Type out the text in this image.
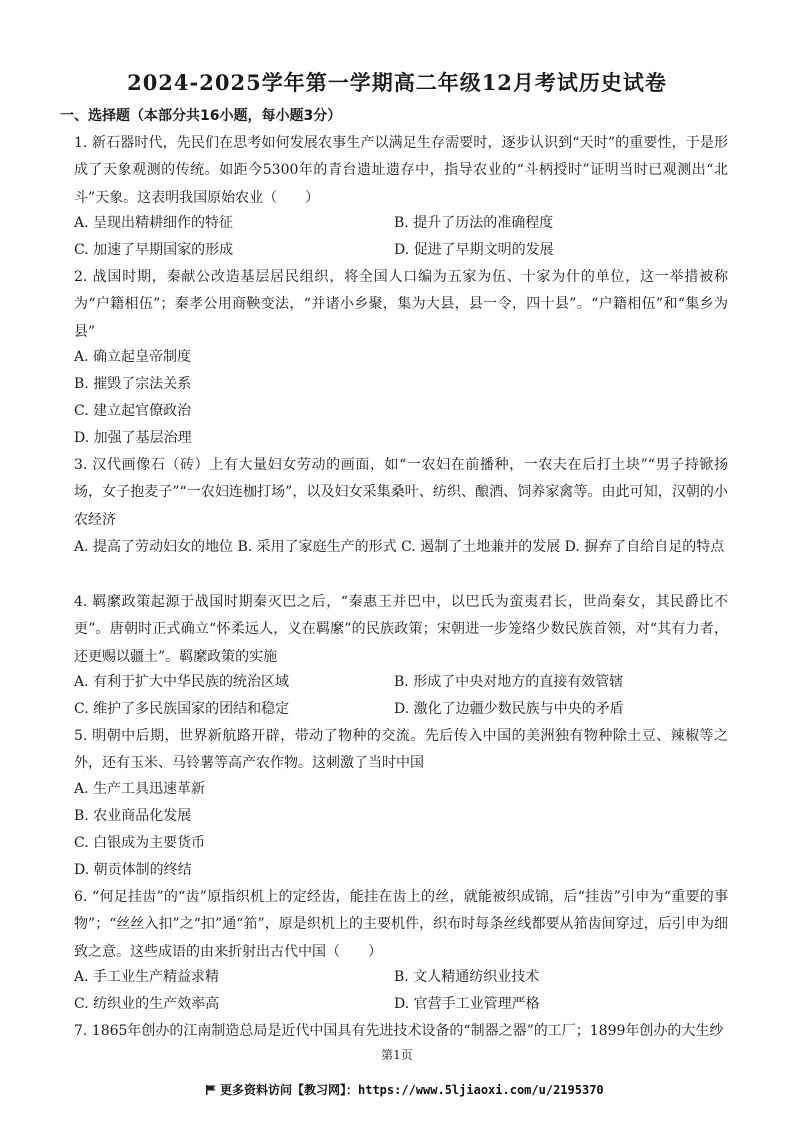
2024-2025学年第一学期高二年级12月考试历史试卷
一、选择题（本部分共16小题，每小题3分）
1. 新石器时代，先民们在思考如何发展农事生产以满足生存需要时，逐步认识到“天时”的重要性，于是形成了天象观测的传统。如距今5300年的青台遗址遗存中，指导农业的“斗柄授时”证明当时已观测出“北斗”天象。这表明我国原始农业（　　）
A. 呈现出精耕细作的特征	B. 提升了历法的准确程度
C. 加速了早期国家的形成	D. 促进了早期文明的发展
2. 战国时期，秦献公改造基层居民组织，将全国人口编为五家为伍、十家为什的单位，这一举措被称为“户籍相伍”；秦孝公用商鞅变法，“并诸小乡聚，集为大县，县一令，四十县”。“户籍相伍”和“集乡为县”
A. 确立起皇帝制度
B. 摧毁了宗法关系
C. 建立起官僚政治
D. 加强了基层治理
3. 汉代画像石（砖）上有大量妇女劳动的画面，如“一农妇在前播种，一农夫在后打土块”“男子持锨扬场，女子抱麦子”“一农妇连枷打场”，以及妇女采集桑叶、纺织、酿酒、饲养家禽等。由此可知，汉朝的小农经济
A. 提高了劳动妇女的地位 B. 采用了家庭生产的形式 C. 遏制了土地兼并的发展 D. 摒弃了自给自足的特点
4. 羁縻政策起源于战国时期秦灭巴之后，“秦惠王并巴中，以巴氏为蛮夷君长，世尚秦女，其民爵比不更”。唐朝时正式确立“怀柔远人，义在羁縻”的民族政策；宋朝进一步笼络少数民族首领，对“其有力者，还更赐以疆土”。羁縻政策的实施
A. 有利于扩大中华民族的统治区域	B. 形成了中央对地方的直接有效管辖
C. 维护了多民族国家的团结和稳定	D. 激化了边疆少数民族与中央的矛盾
5. 明朝中后期，世界新航路开辟，带动了物种的交流。先后传入中国的美洲独有物种除土豆、辣椒等之外，还有玉米、马铃薯等高产农作物。这刺激了当时中国
A. 生产工具迅速革新
B. 农业商品化发展
C. 白银成为主要货币
D. 朝贡体制的终结
6. “何足挂齿”的“齿”原指织机上的定经齿，能挂在齿上的丝，就能被织成锦，后“挂齿”引申为“重要的事物”；“丝丝入扣”之“扣”通“筘”，原是织机上的主要机件，织布时每条丝线都要从筘齿间穿过，后引申为细致之意。这些成语的由来折射出古代中国（　　）
A. 手工业生产精益求精	B. 文人精通纺织业技术
C. 纺织业的生产效率高	D. 官营手工业管理严格
7. 1865年创办的江南制造总局是近代中国具有先进技术设备的“制器之器”的工厂；1899年创办的大生纱
第1页
更多资料访问【教习网】：https://www.5ljiaoxi.com/u/2195370
